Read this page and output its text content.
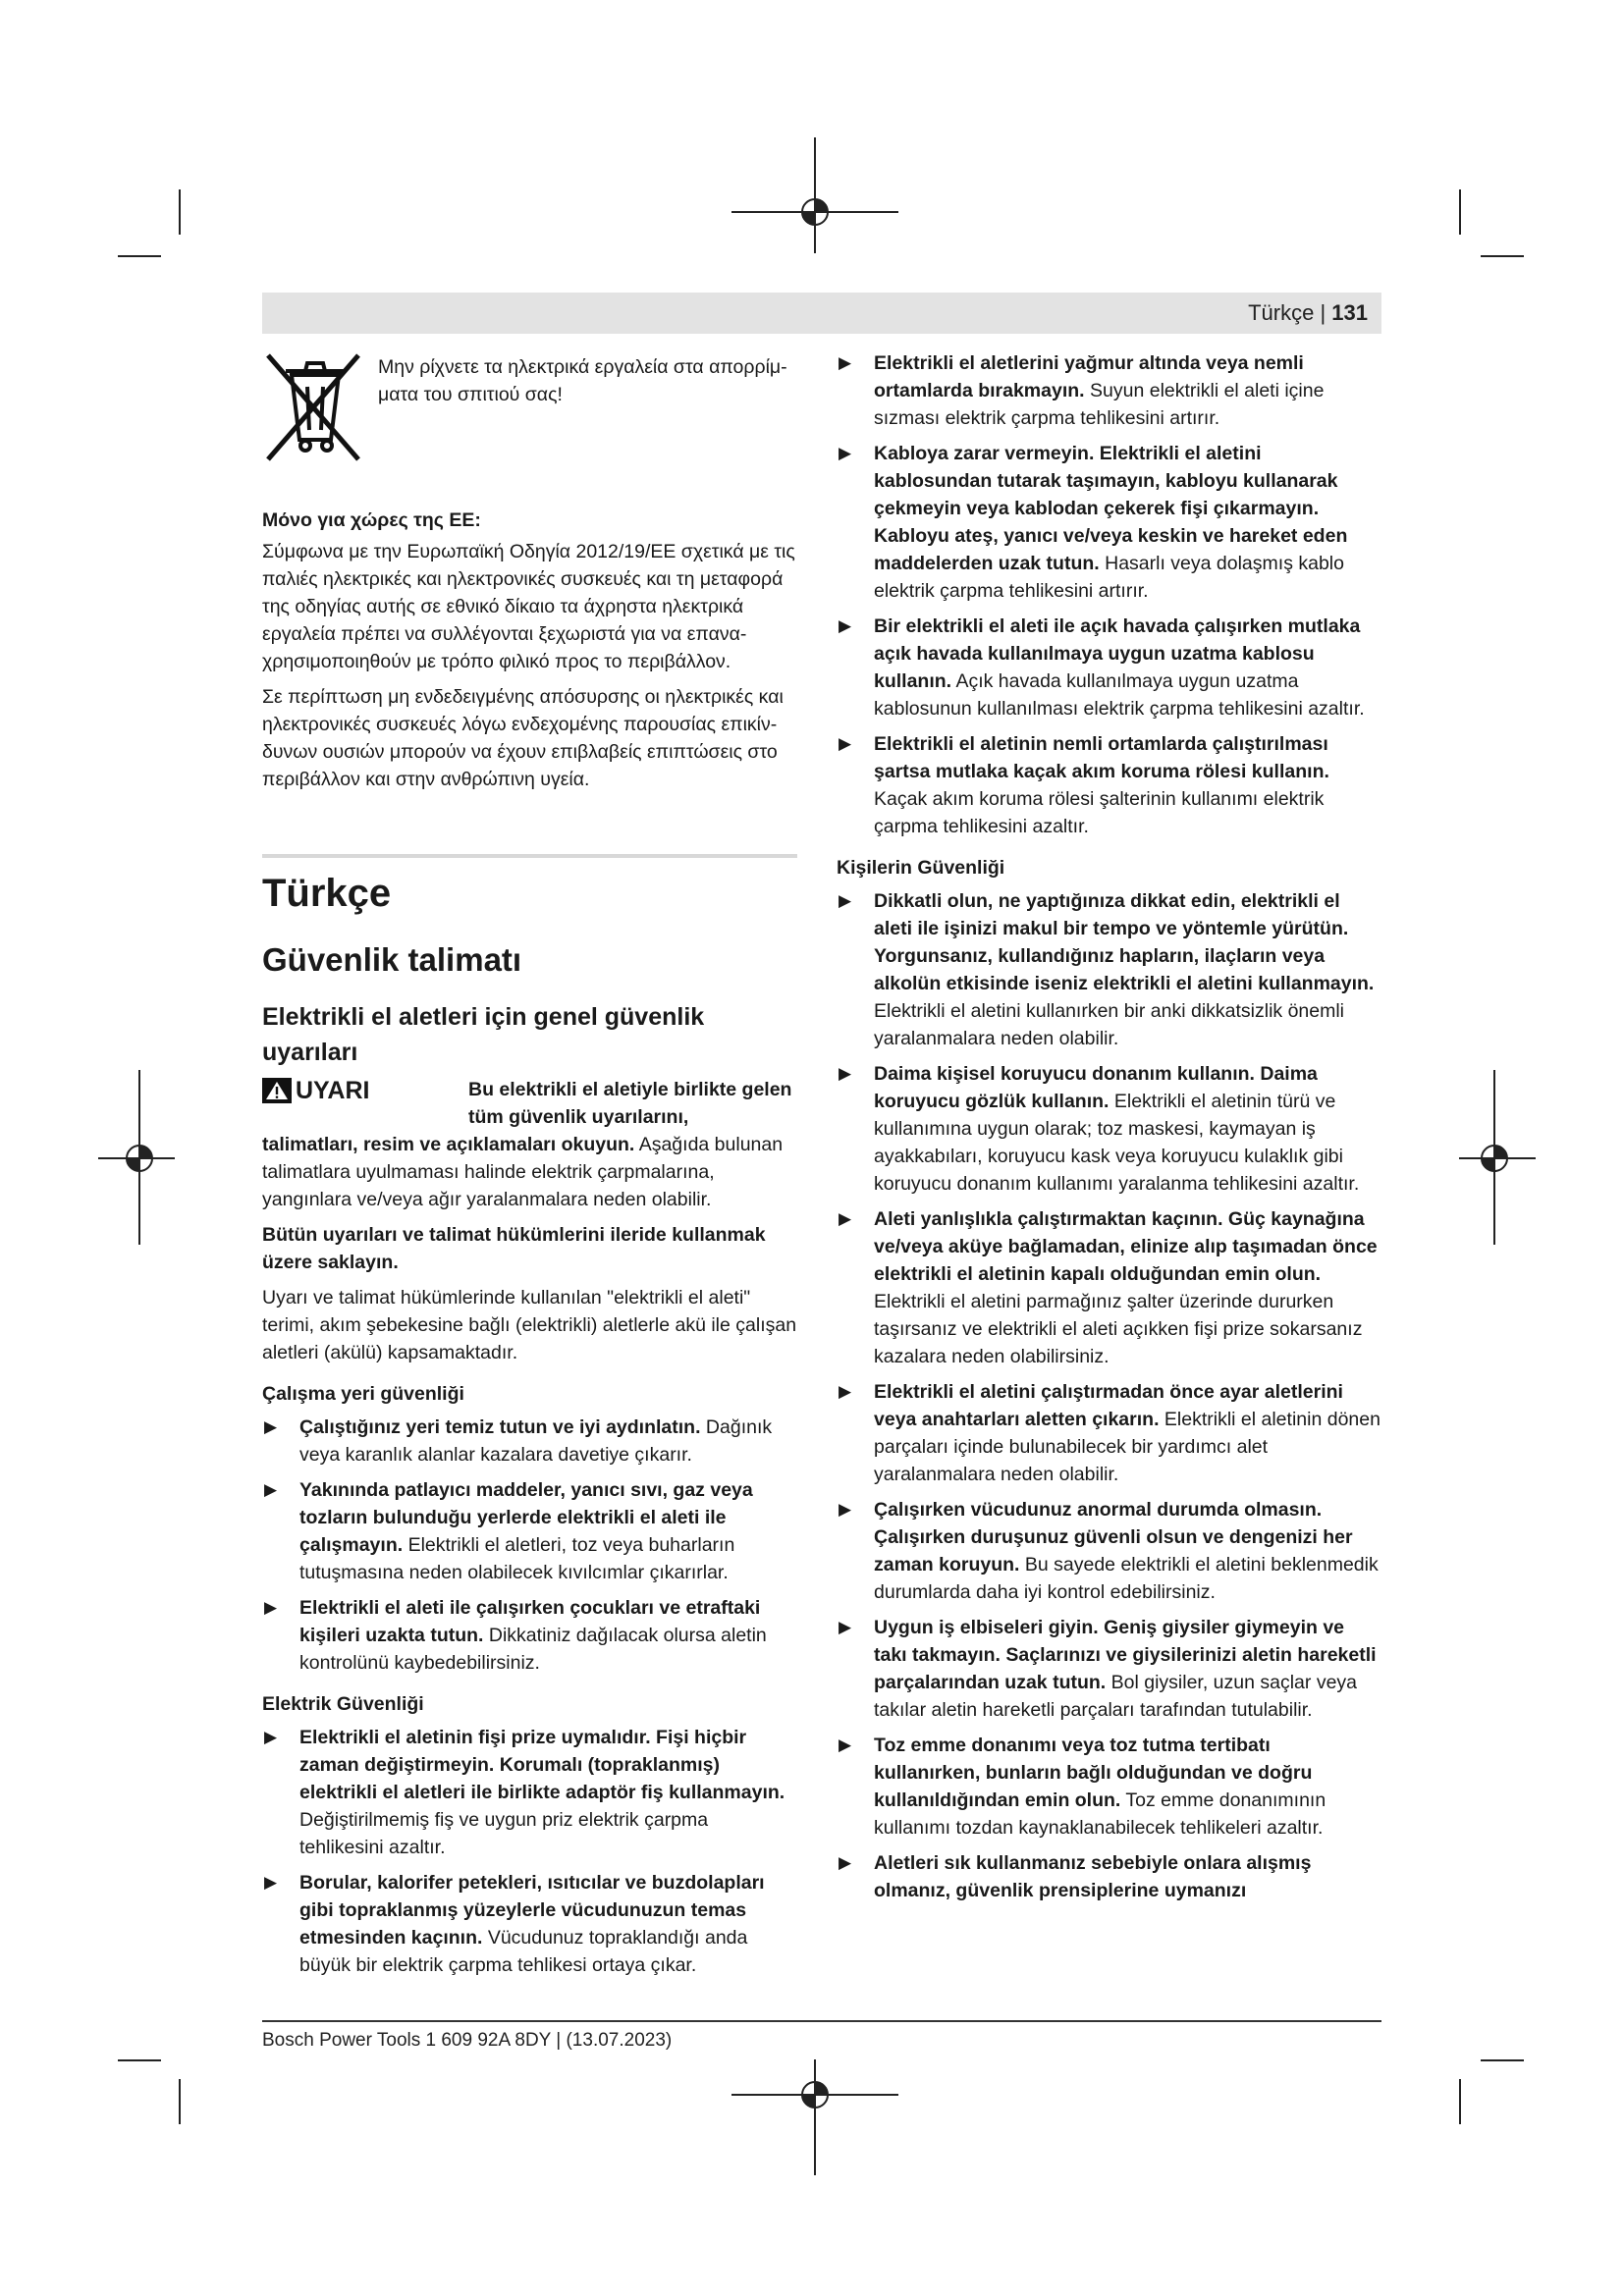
Türkçe | 131

Μην ρίχνετε τα ηλεκτρικά εργαλεία στα απορρίμματα του σπιτιού σας!

Μόνο για χώρες της ΕΕ:

Σύμφωνα με την Ευρωπαϊκή Οδηγία 2012/19/ΕΕ σχετικά με τις παλιές ηλεκτρικές και ηλεκτρονικές συσκευές και τη μεταφορά της οδηγίας αυτής σε εθνικό δίκαιο τα άχρηστα ηλεκτρικά εργαλεία πρέπει να συλλέγονται ξεχωριστά για να επαναχρησιμοποιηθούν με τρόπο φιλικό προς το περιβάλλον.

Σε περίπτωση μη ενδεδειγμένης απόσυρσης οι ηλεκτρικές και ηλεκτρονικές συσκευές λόγω ενδεχομένης παρουσίας επικίνδυνων ουσιών μπορούν να έχουν επιβλαβείς επιπτώσεις στο περιβάλλον και στην ανθρώπινη υγεία.

Türkçe
Güvenlik talimatı
Elektrikli el aletleri için genel güvenlik uyarıları
UYARI	Bu elektrikli el aletiyle birlikte gelen tüm güvenlik uyarılarını,

talimatları, resim ve açıklamaları okuyun. Aşağıda bulunan talimatlara uyulmaması halinde elektrik çarpmalarına, yangınlara ve/veya ağır yaralanmalara neden olabilir.

Bütün uyarıları ve talimat hükümlerini ileride kullanmak üzere saklayın.

Uyarı ve talimat hükümlerinde kullanılan "elektrikli el aleti" terimi, akım şebekesine bağlı (elektrikli) aletlerle akü ile çalışan aletleri (akülü) kapsamaktadır.

Çalışma yeri güvenliği
▶ Çalıştığınız yeri temiz tutun ve iyi aydınlatın. Dağınık veya karanlık alanlar kazalara davetiye çıkarır.
▶ Yakınında patlayıcı maddeler, yanıcı sıvı, gaz veya tozların bulunduğu yerlerde elektrikli el aleti ile çalışmayın. Elektrikli el aletleri, toz veya buharların tutuşmasına neden olabilecek kıvılcımlar çıkarırlar.
▶ Elektrikli el aleti ile çalışırken çocukları ve etraftaki kişileri uzakta tutun. Dikkatiniz dağılacak olursa aletin kontrolünü kaybedebilirsiniz.
Elektrik Güvenliği
▶ Elektrikli el aletinin fişi prize uymalıdır. Fişi hiçbir zaman değiştirmeyin. Korumalı (topraklanmış) elektrikli el aletleri ile birlikte adaptör fiş kullanmayın. Değiştirilmemiş fiş ve uygun priz elektrik çarpma tehlikesini azaltır.
▶ Borular, kalorifer petekleri, ısıtıcılar ve buzdolapları gibi topraklanmış yüzeylerle vücudunuzun temas etmesinden kaçının. Vücudunuz topraklandığı anda büyük bir elektrik çarpma tehlikesi ortaya çıkar.
▶ Elektrikli el aletlerini yağmur altında veya nemli ortamlarda bırakmayın. Suyun elektrikli el aleti içine sızması elektrik çarpma tehlikesini artırır.
▶ Kabloya zarar vermeyin. Elektrikli el aletini kablosundan tutarak taşımayın, kabloyu kullanarak çekmeyin veya kablodan çekerek fişi çıkarmayın. Kabloyu ateş, yanıcı ve/veya keskin ve hareket eden maddelerden uzak tutun. Hasarlı veya dolaşmış kablo elektrik çarpma tehlikesini artırır.
▶ Bir elektrikli el aleti ile açık havada çalışırken mutlaka açık havada kullanılmaya uygun uzatma kablosu kullanın. Açık havada kullanılmaya uygun uzatma kablosunun kullanılması elektrik çarpma tehlikesini azaltır.
▶ Elektrikli el aletinin nemli ortamlarda çalıştırılması şartsa mutlaka kaçak akım koruma rölesi kullanın. Kaçak akım koruma rölesi şalterinin kullanımı elektrik çarpma tehlikesini azaltır.
Kişilerin Güvenliği
▶ Dikkatli olun, ne yaptığınıza dikkat edin, elektrikli el aleti ile işinizi makul bir tempo ve yöntemle yürütün. Yorgunsanız, kullandığınız hapların, ilaçların veya alkolün etkisinde iseniz elektrikli el aletini kullanmayın. Elektrikli el aletini kullanırken bir anki dikkatsizlik önemli yaralanmalara neden olabilir.
▶ Daima kişisel koruyucu donanım kullanın. Daima koruyucu gözlük kullanın. Elektrikli el aletinin türü ve kullanımına uygun olarak; toz maskesi, kaymayan iş ayakkabıları, koruyucu kask veya koruyucu kulaklık gibi koruyucu donanım kullanımı yaralanma tehlikesini azaltır.
▶ Aleti yanlışlıkla çalıştırmaktan kaçının. Güç kaynağına ve/veya aküye bağlamadan, elinize alıp taşımadan önce elektrikli el aletinin kapalı olduğundan emin olun. Elektrikli el aletini parmağınız şalter üzerinde dururken taşırsanız ve elektrikli el aleti açıkken fişi prize sokarsanız kazalara neden olabilirsiniz.
▶ Elektrikli el aletini çalıştırmadan önce ayar aletlerini veya anahtarları aletten çıkarın. Elektrikli el aletinin dönen parçaları içinde bulunabilecek bir yardımcı alet yaralanmalara neden olabilir.
▶ Çalışırken vücudunuz anormal durumda olmasın. Çalışırken duruşunuz güvenli olsun ve dengenizi her zaman koruyun. Bu sayede elektrikli el aletini beklenmedik durumlarda daha iyi kontrol edebilirsiniz.
▶ Uygun iş elbiseleri giyin. Geniş giysiler giymeyin ve takı takmayın. Saçlarınızı ve giysilerinizi aletin hareketli parçalarından uzak tutun. Bol giysiler, uzun saçlar veya takılar aletin hareketli parçaları tarafından tutulabilir.
▶ Toz emme donanımı veya toz tutma tertibatı kullanırken, bunların bağlı olduğundan ve doğru kullanıldığından emin olun. Toz emme donanımının kullanımı tozdan kaynaklanabilecek tehlikeleri azaltır.
▶ Aletleri sık kullanmanız sebebiyle onlara alışmış olmanız, güvenlik prensiplerine uymanızı
Bosch Power Tools 1 609 92A 8DY | (13.07.2023)
